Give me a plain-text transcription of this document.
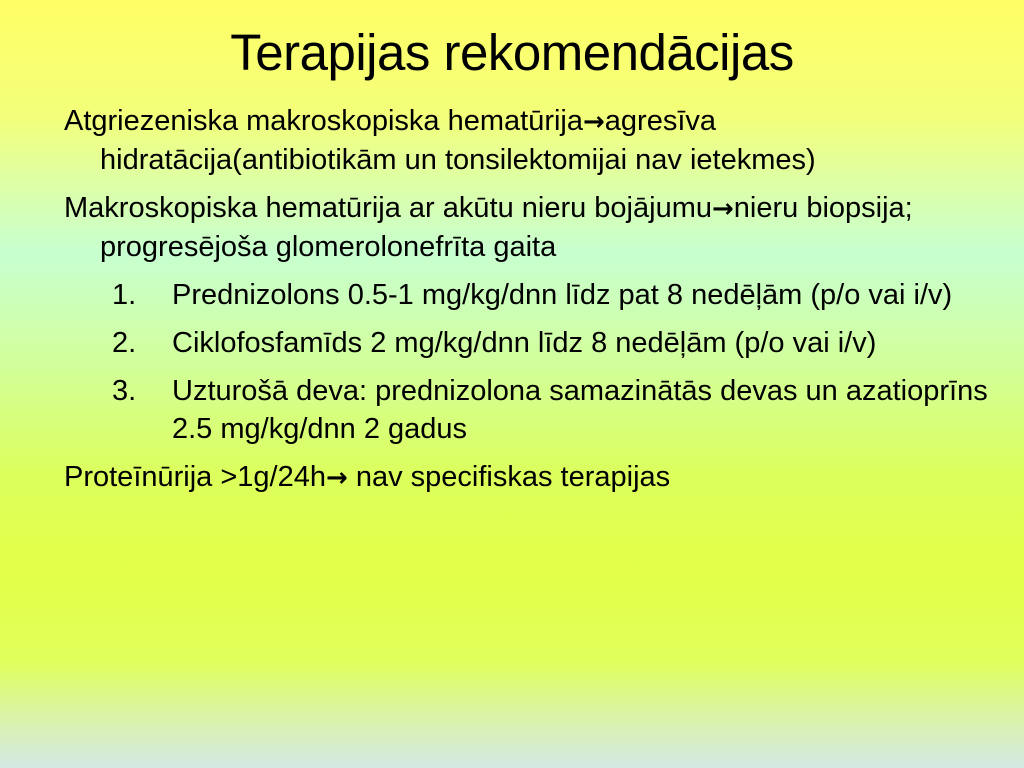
Terapijas rekomendācijas
Atgriezeniska makroskopiska hematūrija→agresīva hidratācija(antibiotikām un tonsilektomijai nav ietekmes)
Makroskopiska hematūrija ar akūtu nieru bojājumu→nieru biopsija; progresējoša glomerolonefrīta gaita
1. Prednizolons 0.5-1 mg/kg/dnn līdz pat 8 nedēļām (p/o vai i/v)
2. Ciklofosfamīds 2 mg/kg/dnn līdz 8 nedēļām (p/o vai i/v)
3. Uzturošā deva: prednizolona samazinātās devas un azatioprīns 2.5 mg/kg/dnn 2 gadus
Proteīnūrija >1g/24h→ nav specifiskas terapijas
